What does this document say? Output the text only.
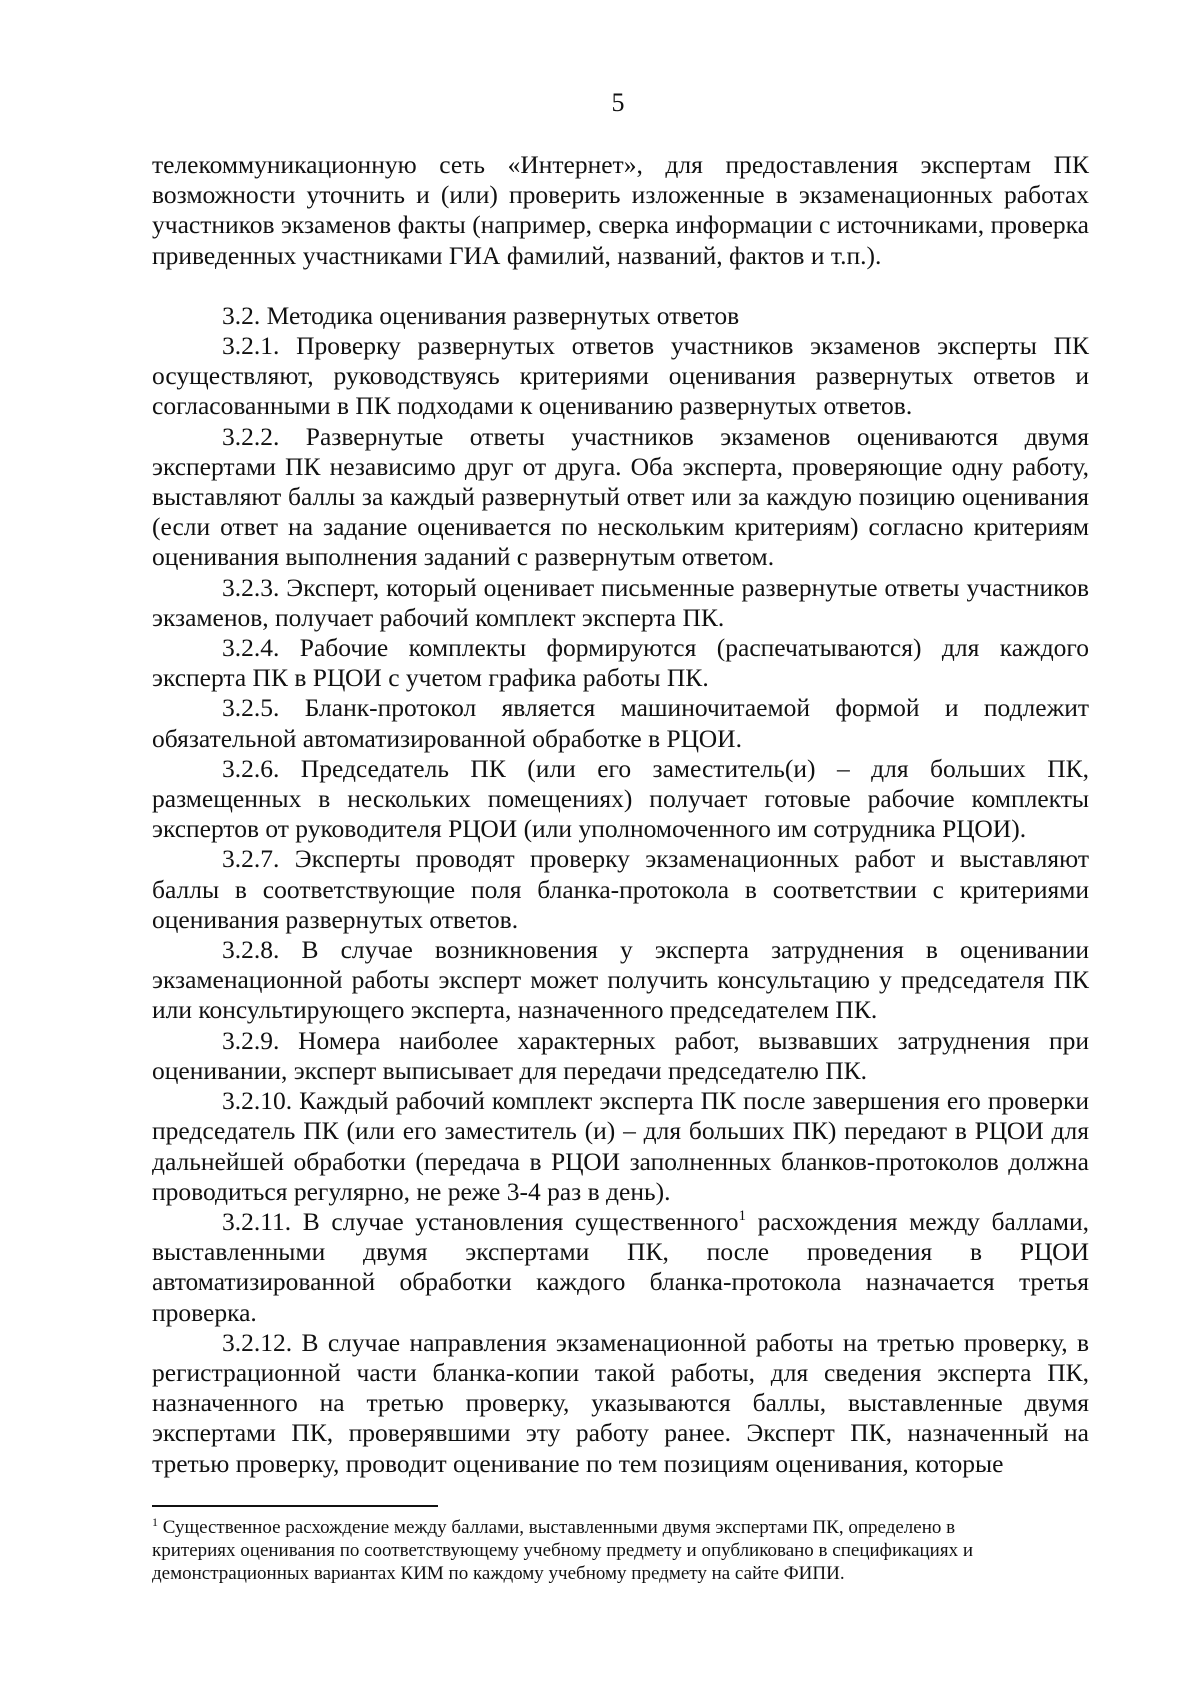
5

телекоммуникационную сеть «Интернет», для предоставления экспертам ПК возможности уточнить и (или) проверить изложенные в экзаменационных работах участников экзаменов факты (например, сверка информации с источниками, проверка приведенных участниками ГИА фамилий, названий, фактов и т.п.).

3.2. Методика оценивания развернутых ответов

3.2.1. Проверку развернутых ответов участников экзаменов эксперты ПК осуществляют, руководствуясь критериями оценивания развернутых ответов и согласованными в ПК подходами к оцениванию развернутых ответов.

3.2.2. Развернутые ответы участников экзаменов оцениваются двумя экспертами ПК независимо друг от друга. Оба эксперта, проверяющие одну работу, выставляют баллы за каждый развернутый ответ или за каждую позицию оценивания (если ответ на задание оценивается по нескольким критериям) согласно критериям оценивания выполнения заданий с развернутым ответом.

3.2.3. Эксперт, который оценивает письменные развернутые ответы участников экзаменов, получает рабочий комплект эксперта ПК.

3.2.4. Рабочие комплекты формируются (распечатываются) для каждого эксперта ПК в РЦОИ с учетом графика работы ПК.

3.2.5. Бланк-протокол является машиночитаемой формой и подлежит обязательной автоматизированной обработке в РЦОИ.

3.2.6. Председатель ПК (или его заместитель(и) – для больших ПК, размещенных в нескольких помещениях) получает готовые рабочие комплекты экспертов от руководителя РЦОИ (или уполномоченного им сотрудника РЦОИ).

3.2.7. Эксперты проводят проверку экзаменационных работ и выставляют баллы в соответствующие поля бланка-протокола в соответствии с критериями оценивания развернутых ответов.

3.2.8. В случае возникновения у эксперта затруднения в оценивании экзаменационной работы эксперт может получить консультацию у председателя ПК или консультирующего эксперта, назначенного председателем ПК.

3.2.9. Номера наиболее характерных работ, вызвавших затруднения при оценивании, эксперт выписывает для передачи председателю ПК.

3.2.10. Каждый рабочий комплект эксперта ПК после завершения его проверки председатель ПК (или его заместитель (и) – для больших ПК) передают в РЦОИ для дальнейшей обработки (передача в РЦОИ заполненных бланков-протоколов должна проводиться регулярно, не реже 3-4 раз в день).

3.2.11. В случае установления существенного$^1$ расхождения между баллами, выставленными двумя экспертами ПК, после проведения в РЦОИ автоматизированной обработки каждого бланка-протокола назначается третья проверка.

3.2.12. В случае направления экзаменационной работы на третью проверку, в регистрационной части бланка-копии такой работы, для сведения эксперта ПК, назначенного на третью проверку, указываются баллы, выставленные двумя экспертами ПК, проверявшими эту работу ранее. Эксперт ПК, назначенный на третью проверку, проводит оценивание по тем позициям оценивания, которые

$^1$ Существенное расхождение между баллами, выставленными двумя экспертами ПК, определено в критериях оценивания по соответствующему учебному предмету и опубликовано в спецификациях и демонстрационных вариантах КИМ по каждому учебному предмету на сайте ФИПИ.
